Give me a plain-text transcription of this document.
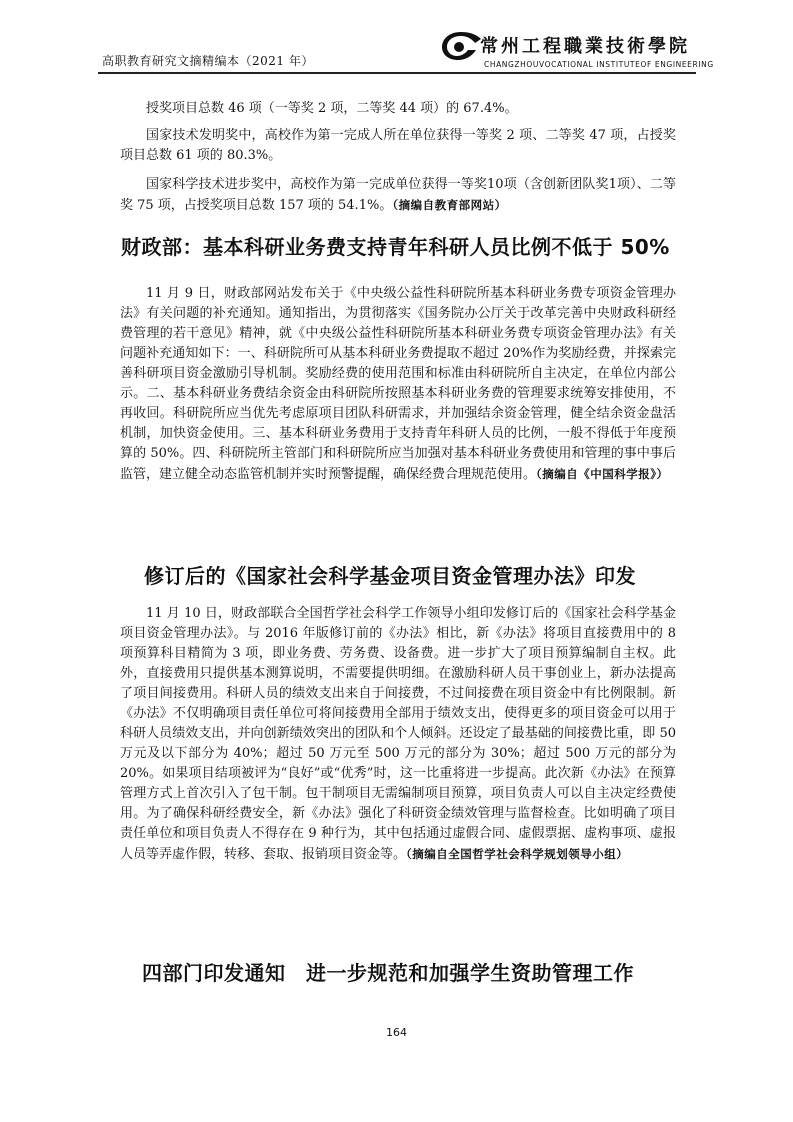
高职教育研究文摘精编本（2021 年）
常州工程職業技術學院
CHANGZHOUVOCATIONAL INSTITUTEOF ENGINEERING

授奖项目总数 46 项（一等奖 2 项，二等奖 44 项）的 67.4%。

国家技术发明奖中，高校作为第一完成人所在单位获得一等奖 2 项、二等奖 47 项，占授奖项目总数 61 项的 80.3%。

国家科学技术进步奖中，高校作为第一完成单位获得一等奖10项（含创新团队奖1项）、二等奖 75 项，占授奖项目总数 157 项的 54.1%。（摘编自教育部网站）

财政部：基本科研业务费支持青年科研人员比例不低于 50%

11 月 9 日，财政部网站发布关于《中央级公益性科研院所基本科研业务费专项资金管理办法》有关问题的补充通知。通知指出，为贯彻落实《国务院办公厅关于改革完善中央财政科研经费管理的若干意见》精神，就《中央级公益性科研院所基本科研业务费专项资金管理办法》有关问题补充通知如下：一、科研院所可从基本科研业务费提取不超过 20%作为奖励经费，并探索完善科研项目资金激励引导机制。奖励经费的使用范围和标准由科研院所自主决定，在单位内部公示。二、基本科研业务费结余资金由科研院所按照基本科研业务费的管理要求统筹安排使用，不再收回。科研院所应当优先考虑原项目团队科研需求，并加强结余资金管理，健全结余资金盘活机制，加快资金使用。三、基本科研业务费用于支持青年科研人员的比例，一般不得低于年度预算的 50%。四、科研院所主管部门和科研院所应当加强对基本科研业务费使用和管理的事中事后监管，建立健全动态监管机制并实时预警提醒，确保经费合理规范使用。（摘编自《中国科学报》）

修订后的《国家社会科学基金项目资金管理办法》印发

11 月 10 日，财政部联合全国哲学社会科学工作领导小组印发修订后的《国家社会科学基金项目资金管理办法》。与 2016 年版修订前的《办法》相比，新《办法》将项目直接费用中的 8 项预算科目精简为 3 项，即业务费、劳务费、设备费。进一步扩大了项目预算编制自主权。此外，直接费用只提供基本测算说明，不需要提供明细。在激励科研人员干事创业上，新办法提高了项目间接费用。科研人员的绩效支出来自于间接费，不过间接费在项目资金中有比例限制。新《办法》不仅明确项目责任单位可将间接费用全部用于绩效支出，使得更多的项目资金可以用于科研人员绩效支出，并向创新绩效突出的团队和个人倾斜。还设定了最基础的间接费比重，即 50 万元及以下部分为 40%；超过 50 万元至 500 万元的部分为 30%；超过 500 万元的部分为 20%。如果项目结项被评为“良好”或“优秀”时，这一比重将进一步提高。此次新《办法》在预算管理方式上首次引入了包干制。包干制项目无需编制项目预算，项目负责人可以自主决定经费使用。为了确保科研经费安全，新《办法》强化了科研资金绩效管理与监督检查。比如明确了项目责任单位和项目负责人不得存在 9 种行为，其中包括通过虚假合同、虚假票据、虚构事项、虚报人员等弄虚作假，转移、套取、报销项目资金等。（摘编自全国哲学社会科学规划领导小组）

四部门印发通知　进一步规范和加强学生资助管理工作
164
